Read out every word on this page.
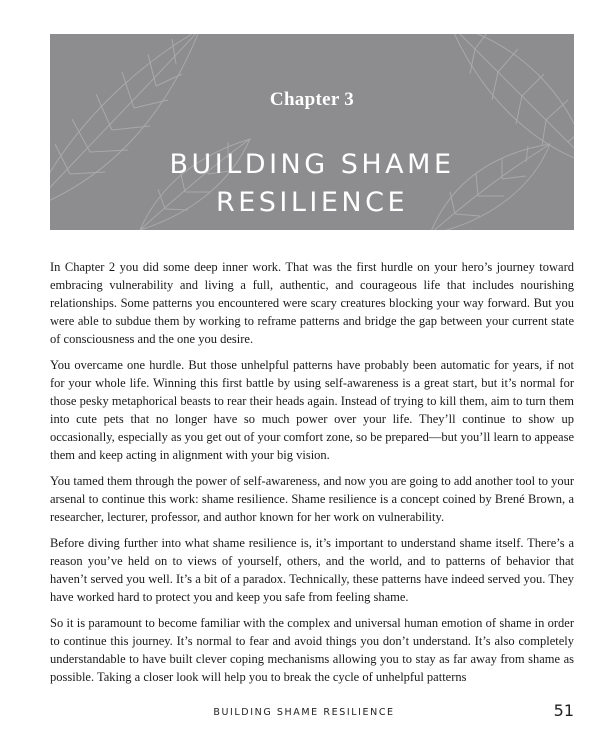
Chapter 3
BUILDING SHAME
RESILIENCE

In Chapter 2 you did some deep inner work. That was the first hurdle on your hero’s journey toward embracing vulnerability and living a full, authentic, and courageous life that includes nourishing relationships. Some patterns you encountered were scary creatures blocking your way forward. But you were able to subdue them by working to reframe patterns and bridge the gap between your current state of consciousness and the one you desire.

You overcame one hurdle. But those unhelpful patterns have probably been automatic for years, if not for your whole life. Winning this first battle by using self-awareness is a great start, but it’s normal for those pesky metaphorical beasts to rear their heads again. Instead of trying to kill them, aim to turn them into cute pets that no longer have so much power over your life. They’ll continue to show up occasionally, especially as you get out of your comfort zone, so be prepared—but you’ll learn to appease them and keep acting in alignment with your big vision.

You tamed them through the power of self-awareness, and now you are going to add another tool to your arsenal to continue this work: shame resilience. Shame resilience is a concept coined by Brené Brown, a researcher, lecturer, professor, and author known for her work on vulnerability.

Before diving further into what shame resilience is, it’s important to understand shame itself. There’s a reason you’ve held on to views of yourself, others, and the world, and to patterns of behavior that haven’t served you well. It’s a bit of a paradox. Technically, these patterns have indeed served you. They have worked hard to protect you and keep you safe from feeling shame.

So it is paramount to become familiar with the complex and universal human emotion of shame in order to continue this journey. It’s normal to fear and avoid things you don’t understand. It’s also completely understandable to have built clever coping mechanisms allowing you to stay as far away from shame as possible. Taking a closer look will help you to break the cycle of unhelpful patterns

BUILDING SHAME RESILIENCE	51
